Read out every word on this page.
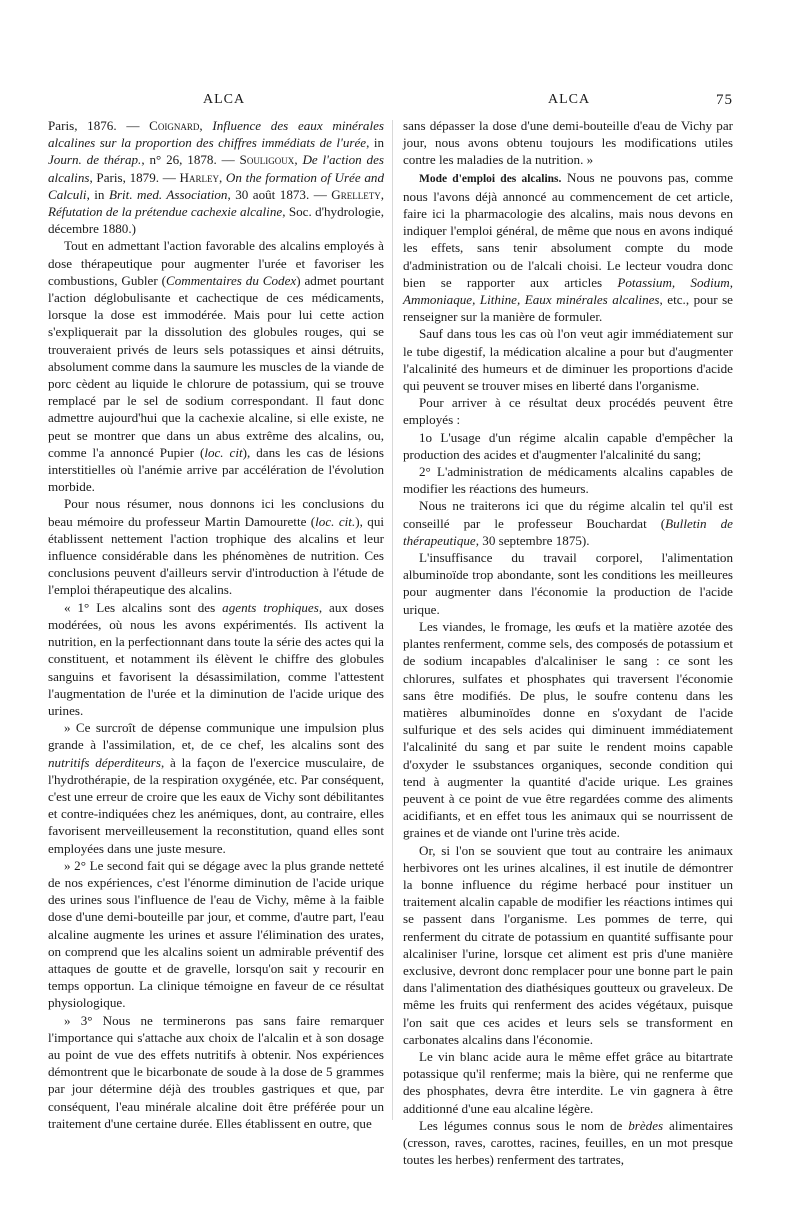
ALCA	ALCA	75

Paris, 1876. — Coignard, Influence des eaux minérales alcalines sur la proportion des chiffres immédiats de l'urée, in Journ. de thérap., n° 26, 1878. — Souligoux, De l'action des alcalins, Paris, 1879. — Harley, On the formation of Urée and Calculi, in Brit. med. Association, 30 août 1873. — Grellety, Réfutation de la prétendue cachexie alcaline, Soc. d'hydrologie, décembre 1880.)

Tout en admettant l'action favorable des alcalins employés à dose thérapeutique pour augmenter l'urée et favoriser les combustions, Gubler (Commentaires du Codex) admet pourtant l'action déglobulisante et cachectique de ces médicaments, lorsque la dose est immodérée. Mais pour lui cette action s'expliquerait par la dissolution des globules rouges, qui se trouveraient privés de leurs sels potassiques et ainsi détruits, absolument comme dans la saumure les muscles de la viande de porc cèdent au liquide le chlorure de potassium, qui se trouve remplacé par le sel de sodium correspondant. Il faut donc admettre aujourd'hui que la cachexie alcaline, si elle existe, ne peut se montrer que dans un abus extrême des alcalins, ou, comme l'a annoncé Pupier (loc. cit), dans les cas de lésions interstitielles où l'anémie arrive par accélération de l'évolution morbide.

Pour nous résumer, nous donnons ici les conclusions du beau mémoire du professeur Martin Damourette (loc. cit.), qui établissent nettement l'action trophique des alcalins et leur influence considérable dans les phénomènes de nutrition. Ces conclusions peuvent d'ailleurs servir d'introduction à l'étude de l'emploi thérapeutique des alcalins.

« 1° Les alcalins sont des agents trophiques, aux doses modérées, où nous les avons expérimentés. Ils activent la nutrition, en la perfectionnant dans toute la série des actes qui la constituent, et notamment ils élèvent le chiffre des globules sanguins et favorisent la désassimilation, comme l'attestent l'augmentation de l'urée et la diminution de l'acide urique des urines.

» Ce surcroît de dépense communique une impulsion plus grande à l'assimilation, et, de ce chef, les alcalins sont des nutritifs déperditeurs, à la façon de l'exercice musculaire, de l'hydrothérapie, de la respiration oxygénée, etc. Par conséquent, c'est une erreur de croire que les eaux de Vichy sont débilitantes et contre-indiquées chez les anémiques, dont, au contraire, elles favorisent merveilleusement la reconstitution, quand elles sont employées dans une juste mesure.

» 2° Le second fait qui se dégage avec la plus grande netteté de nos expériences, c'est l'énorme diminution de l'acide urique des urines sous l'influence de l'eau de Vichy, même à la faible dose d'une demi-bouteille par jour, et comme, d'autre part, l'eau alcaline augmente les urines et assure l'élimination des urates, on comprend que les alcalins soient un admirable préventif des attaques de goutte et de gravelle, lorsqu'on sait y recourir en temps opportun. La clinique témoigne en faveur de ce résultat physiologique.

» 3° Nous ne terminerons pas sans faire remarquer l'importance qui s'attache aux choix de l'alcalin et à son dosage au point de vue des effets nutritifs à obtenir. Nos expériences démontrent que le bicarbonate de soude à la dose de 5 grammes par jour détermine déjà des troubles gastriques et que, par conséquent, l'eau minérale alcaline doit être préférée pour un traitement d'une certaine durée. Elles établissent en outre, que

sans dépasser la dose d'une demi-bouteille d'eau de Vichy par jour, nous avons obtenu toujours les modifications utiles contre les maladies de la nutrition. »

Mode d'emploi des alcalins. Nous ne pouvons pas, comme nous l'avons déjà annoncé au commencement de cet article, faire ici la pharmacologie des alcalins, mais nous devons en indiquer l'emploi général, de même que nous en avons indiqué les effets, sans tenir absolument compte du mode d'administration ou de l'alcali choisi. Le lecteur voudra donc bien se rapporter aux articles Potassium, Sodium, Ammoniaque, Lithine, Eaux minérales alcalines, etc., pour se renseigner sur la manière de formuler.

Sauf dans tous les cas où l'on veut agir immédiatement sur le tube digestif, la médication alcaline a pour but d'augmenter l'alcalinité des humeurs et de diminuer les proportions d'acide qui peuvent se trouver mises en liberté dans l'organisme.

Pour arriver à ce résultat deux procédés peuvent être employés :

1o L'usage d'un régime alcalin capable d'empêcher la production des acides et d'augmenter l'alcalinité du sang;

2° L'administration de médicaments alcalins capables de modifier les réactions des humeurs.

Nous ne traiterons ici que du régime alcalin tel qu'il est conseillé par le professeur Bouchardat (Bulletin de thérapeutique, 30 septembre 1875).

L'insuffisance du travail corporel, l'alimentation albuminoïde trop abondante, sont les conditions les meilleures pour augmenter dans l'économie la production de l'acide urique.

Les viandes, le fromage, les œufs et la matière azotée des plantes renferment, comme sels, des composés de potassium et de sodium incapables d'alcaliniser le sang : ce sont les chlorures, sulfates et phosphates qui traversent l'économie sans être modifiés. De plus, le soufre contenu dans les matières albuminoïdes donne en s'oxydant de l'acide sulfurique et des sels acides qui diminuent immédiatement l'alcalinité du sang et par suite le rendent moins capable d'oxyder le ssubstances organiques, seconde condition qui tend à augmenter la quantité d'acide urique. Les graines peuvent à ce point de vue être regardées comme des aliments acidifiants, et en effet tous les animaux qui se nourrissent de graines et de viande ont l'urine très acide.

Or, si l'on se souvient que tout au contraire les animaux herbivores ont les urines alcalines, il est inutile de démontrer la bonne influence du régime herbacé pour instituer un traitement alcalin capable de modifier les réactions intimes qui se passent dans l'organisme. Les pommes de terre, qui renferment du citrate de potassium en quantité suffisante pour alcaliniser l'urine, lorsque cet aliment est pris d'une manière exclusive, devront donc remplacer pour une bonne part le pain dans l'alimentation des diathésiques goutteux ou graveleux. De même les fruits qui renferment des acides végétaux, puisque l'on sait que ces acides et leurs sels se transforment en carbonates alcalins dans l'économie.

Le vin blanc acide aura le même effet grâce au bitartrate potassique qu'il renferme; mais la bière, qui ne renferme que des phosphates, devra être interdite. Le vin gagnera à être additionné d'une eau alcaline légère.

Les légumes connus sous le nom de brèdes alimentaires (cresson, raves, carottes, racines, feuilles, en un mot presque toutes les herbes) renferment des tartrates,
